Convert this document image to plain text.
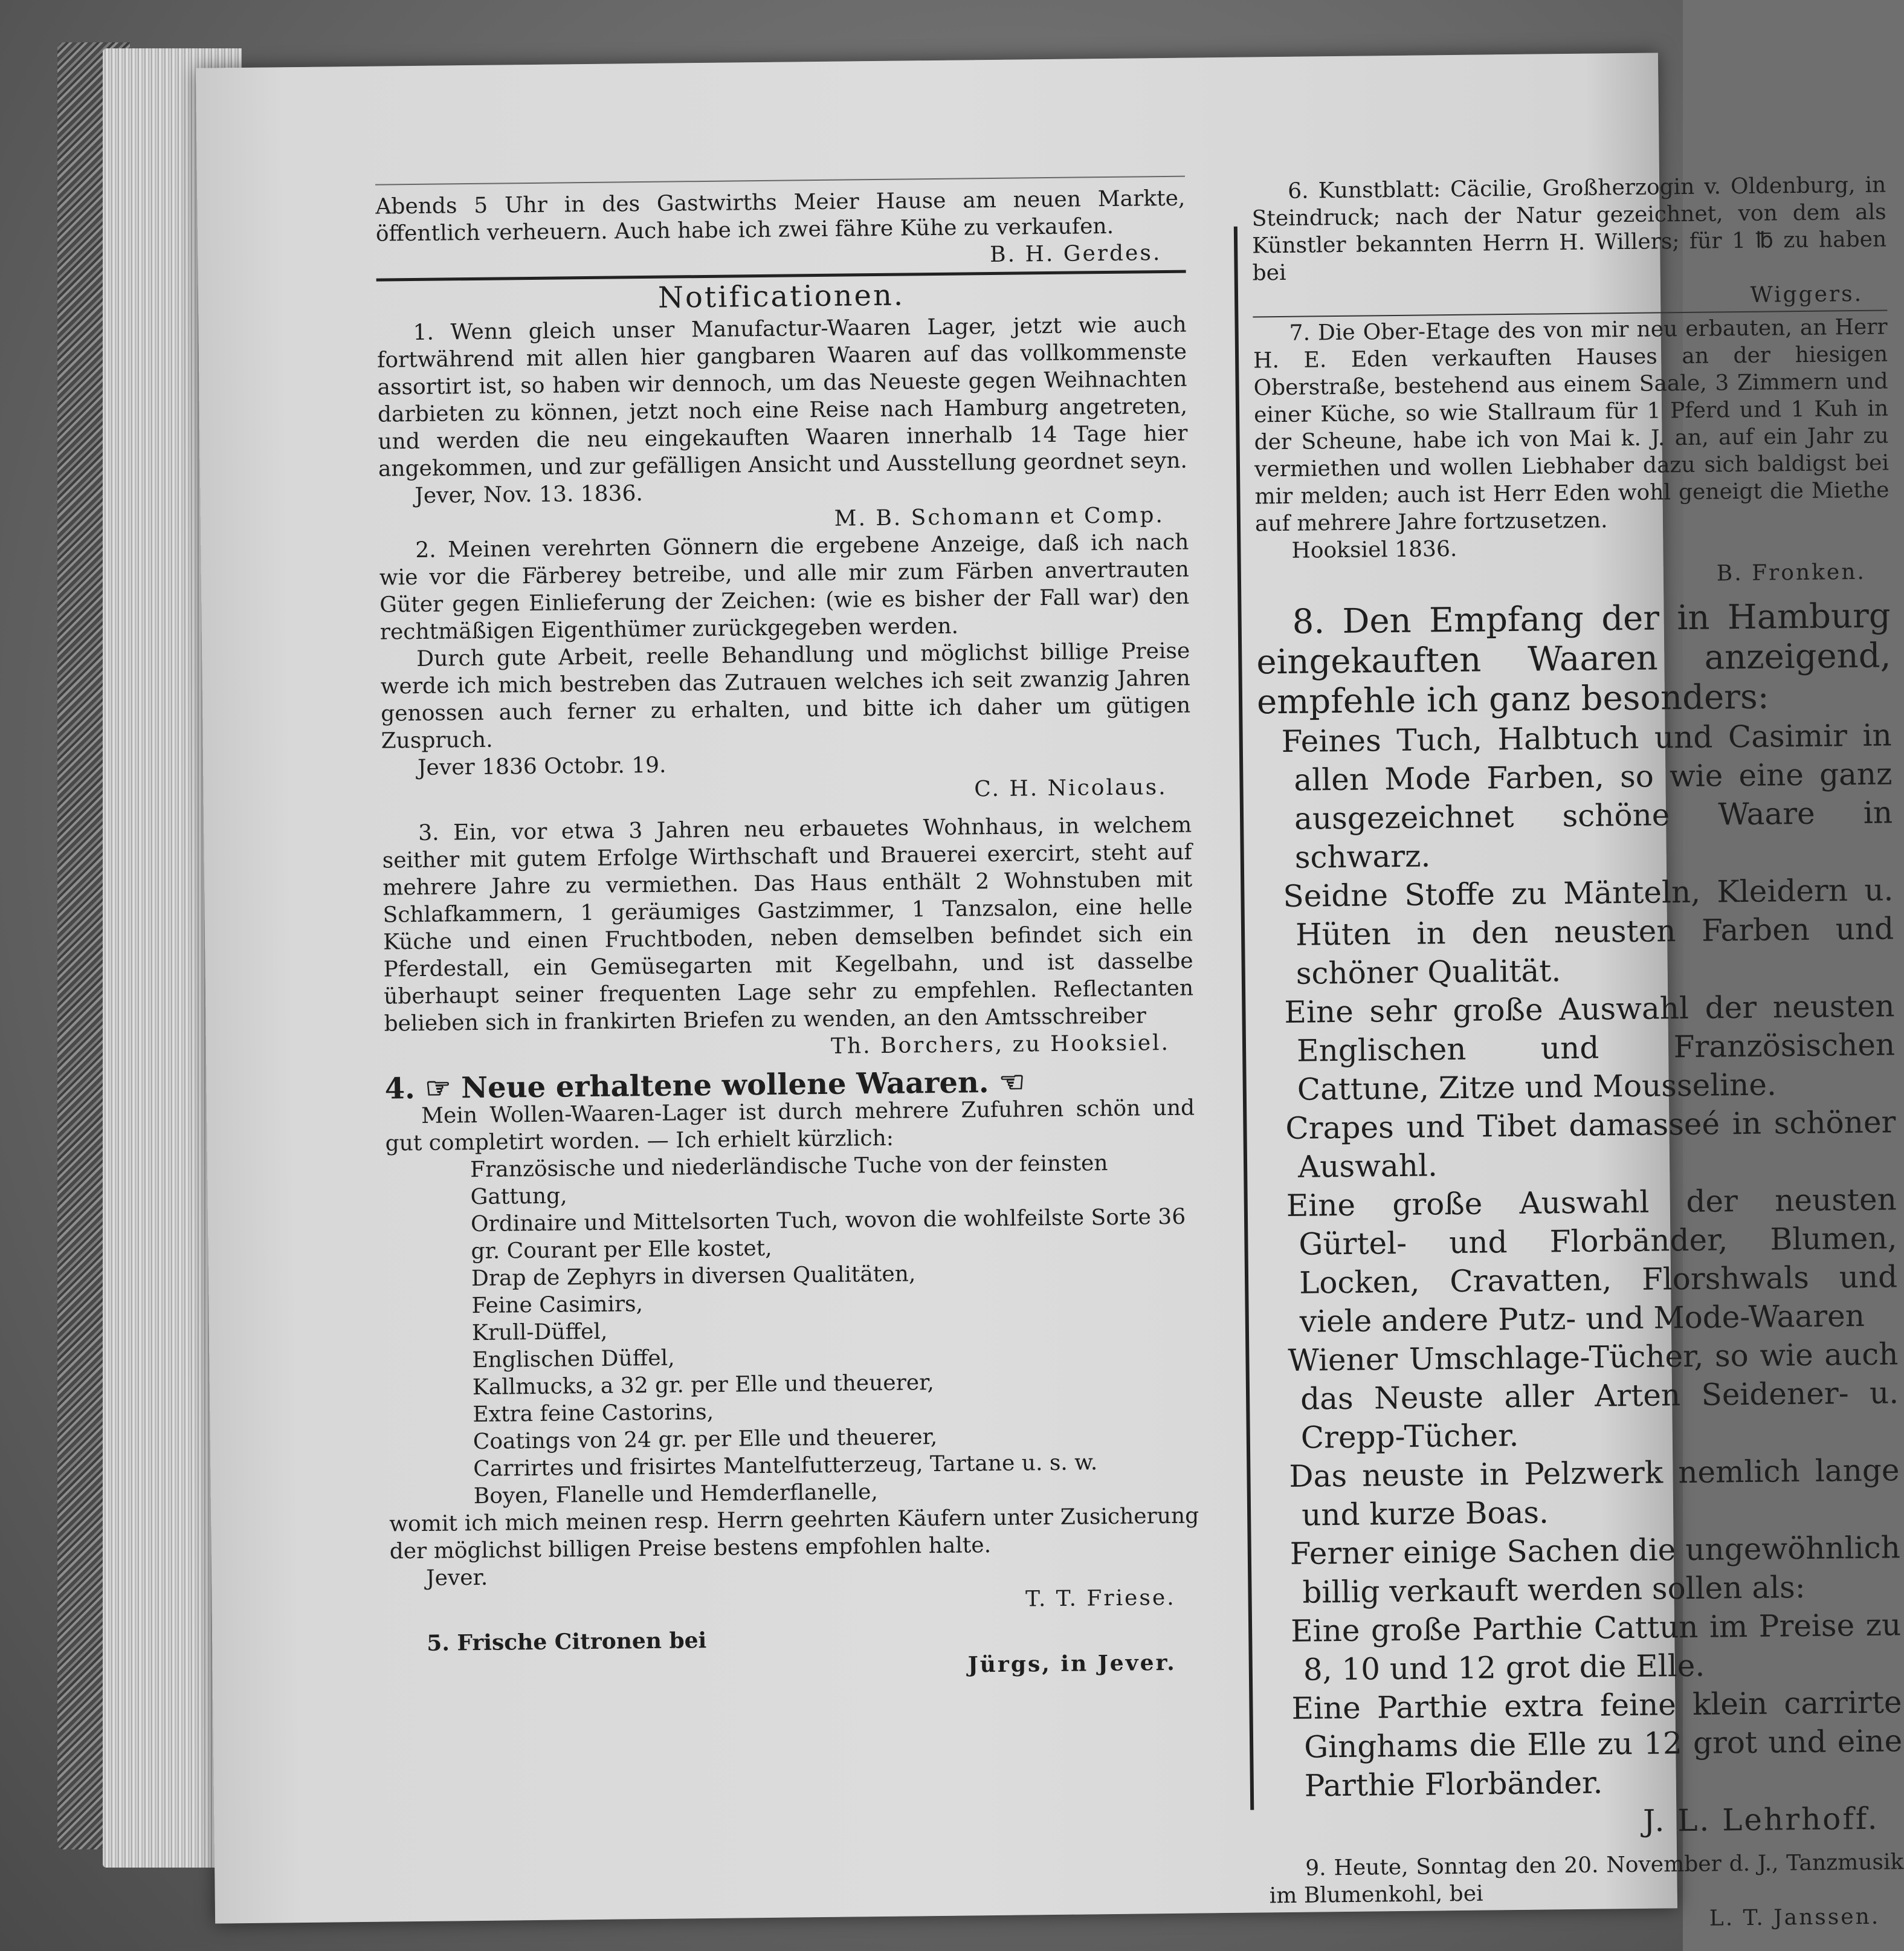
Abends 5 Uhr in des Gastwirths Meier Hause am neuen Markte, öffentlich verheuern. Auch habe ich zwei fähre Kühe zu verkaufen.

B. H. Gerdes.

Notificationen.

1. Wenn gleich unser Manufactur-Waaren Lager, jetzt wie auch fortwährend mit allen hier gangbaren Waaren auf das vollkommenste assortirt ist, so haben wir dennoch, um das Neueste gegen Weihnachten darbieten zu können, jetzt noch eine Reise nach Hamburg angetreten, und werden die neu eingekauften Waaren innerhalb 14 Tage hier angekommen, und zur gefälligen Ansicht und Ausstellung geordnet seyn.

Jever, Nov. 13. 1836.

M. B. Schomann et Comp.

2. Meinen verehrten Gönnern die ergebene Anzeige, daß ich nach wie vor die Färberey betreibe, und alle mir zum Färben anvertrauten Güter gegen Einlieferung der Zeichen: (wie es bisher der Fall war) den rechtmäßigen Eigenthümer zurückgegeben werden.

Durch gute Arbeit, reelle Behandlung und möglichst billige Preise werde ich mich bestreben das Zutrauen welches ich seit zwanzig Jahren genossen auch ferner zu erhalten, und bitte ich daher um gütigen Zuspruch.

Jever 1836 Octobr. 19.

C. H. Nicolaus.

3. Ein, vor etwa 3 Jahren neu erbauetes Wohnhaus, in welchem seither mit gutem Erfolge Wirthschaft und Brauerei exercirt, steht auf mehrere Jahre zu vermiethen. Das Haus enthält 2 Wohnstuben mit Schlafkammern, 1 geräumiges Gastzimmer, 1 Tanzsalon, eine helle Küche und einen Fruchtboden, neben demselben befindet sich ein Pferdestall, ein Gemüsegarten mit Kegelbahn, und ist dasselbe überhaupt seiner frequenten Lage sehr zu empfehlen. Reflectanten belieben sich in frankirten Briefen zu wenden, an den Amtsschreiber

Th. Borchers, zu Hooksiel.

4. ☞ Neue erhaltene wollene Waaren. ☜

Mein Wollen-Waaren-Lager ist durch mehrere Zufuhren schön und gut completirt worden. — Ich erhielt kürzlich:

Französische und niederländische Tuche von der feinsten Gattung,

Ordinaire und Mittelsorten Tuch, wovon die wohlfeilste Sorte 36 gr. Courant per Elle kostet,

Drap de Zephyrs in diversen Qualitäten,

Feine Casimirs,

Krull-Düffel,

Englischen Düffel,

Kallmucks, a 32 gr. per Elle und theuerer,

Extra feine Castorins,

Coatings von 24 gr. per Elle und theuerer,

Carrirtes und frisirtes Mantelfutterzeug, Tartane u. s. w.

Boyen, Flanelle und Hemderflanelle,

womit ich mich meinen resp. Herrn geehrten Käufern unter Zusicherung der möglichst billigen Preise bestens empfohlen halte.

Jever.

T. T. Friese.

5. Frische Citronen bei

Jürgs, in Jever.

6. Kunstblatt: Cäcilie, Großherzogin v. Oldenburg, in Steindruck; nach der Natur gezeichnet, von dem als Künstler bekannten Herrn H. Willers; für 1 ℔ zu haben bei

Wiggers.

7. Die Ober-Etage des von mir neu erbauten, an Herr H. E. Eden verkauften Hauses an der hiesigen Oberstraße, bestehend aus einem Saale, 3 Zimmern und einer Küche, so wie Stallraum für 1 Pferd und 1 Kuh in der Scheune, habe ich von Mai k. J. an, auf ein Jahr zu vermiethen und wollen Liebhaber dazu sich baldigst bei mir melden; auch ist Herr Eden wohl geneigt die Miethe auf mehrere Jahre fortzusetzen.

Hooksiel 1836.

B. Fronken.

8. Den Empfang der in Hamburg eingekauften Waaren anzeigend, empfehle ich ganz besonders:

Feines Tuch, Halbtuch und Casimir in allen Mode Farben, so wie eine ganz ausgezeichnet schöne Waare in schwarz.

Seidne Stoffe zu Mänteln, Kleidern u. Hüten in den neusten Farben und schöner Qualität.

Eine sehr große Auswahl der neusten Englischen und Französischen Cattune, Zitze und Mousseline.

Crapes und Tibet damasseé in schöner Auswahl.

Eine große Auswahl der neusten Gürtel- und Florbänder, Blumen, Locken, Cravatten, Florshwals und viele andere Putz- und Mode-Waaren

Wiener Umschlage-Tücher, so wie auch das Neuste aller Arten Seidener- u. Crepp-Tücher.

Das neuste in Pelzwerk nemlich lange und kurze Boas.

Ferner einige Sachen die ungewöhnlich billig verkauft werden sollen als:

Eine große Parthie Cattun im Preise zu 8, 10 und 12 grot die Elle.

Eine Parthie extra feine klein carrirte Ginghams die Elle zu 12 grot und eine Parthie Florbänder.

J. L. Lehrhoff.

9. Heute, Sonntag den 20. November d. J., Tanzmusik im Blumenkohl, bei

L. T. Janssen.
